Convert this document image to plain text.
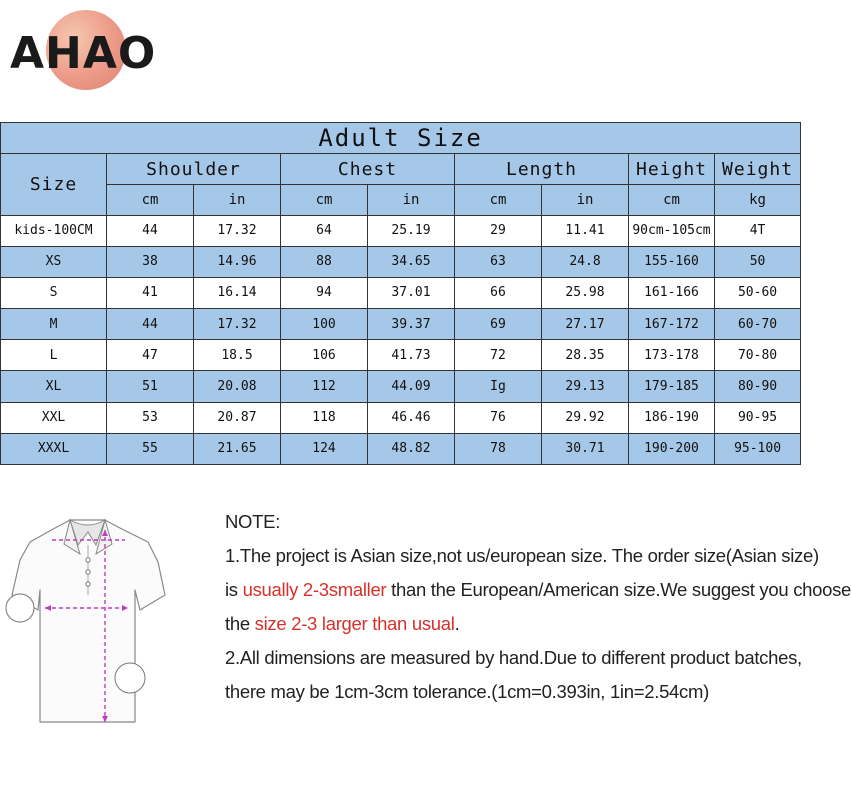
AHAO
Adult Size								
Size	Shoulder		Chest		Length		Height	Weight
	cm	in	cm	in	cm	in	cm	kg
kids-100CM	44	17.32	64	25.19	29	11.41	90cm-105cm	4T
XS	38	14.96	88	34.65	63	24.8	155-160	50
S	41	16.14	94	37.01	66	25.98	161-166	50-60
M	44	17.32	100	39.37	69	27.17	167-172	60-70
L	47	18.5	106	41.73	72	28.35	173-178	70-80
XL	51	20.08	112	44.09	Ig	29.13	179-185	80-90
XXL	53	20.87	118	46.46	76	29.92	186-190	90-95
XXXL	55	21.65	124	48.82	78	30.71	190-200	95-100

NOTE:

1.The project is Asian size,not us/european size. The order size(Asian size)

is usually 2-3smaller than the European/American size.We suggest you choose

the size 2-3 larger than usual.

2.All dimensions are measured by hand.Due to different product batches,

there may be 1cm-3cm tolerance.(1cm=0.393in, 1in=2.54cm)
